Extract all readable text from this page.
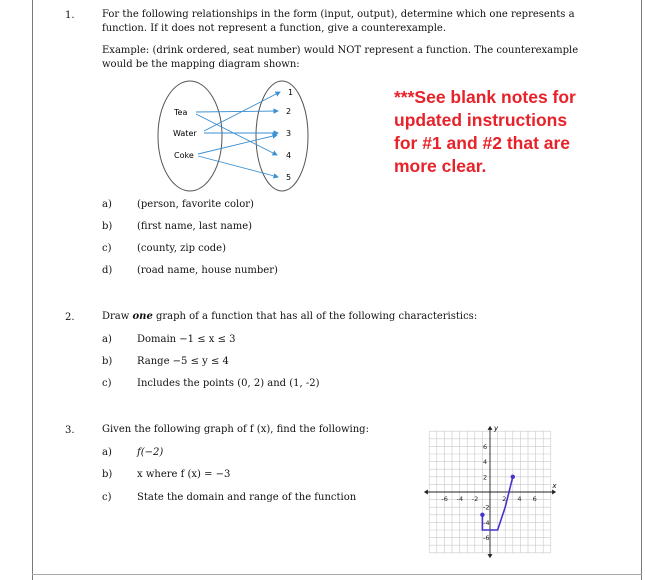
1.	For the following relationships in the form (input, output), determine which one represents a
function. If it does not represent a function, give a counterexample.
Example: (drink ordered, seat number) would NOT represent a function. The counterexample
would be the mapping diagram shown:
Tea
Water
Coke
1
2
3
4
5
***See blank notes for
updated instructions
for #1 and #2 that are
more clear.
a)	(person, favorite color)
b) (first name, last name)
c)	(county, zip code)
d) (road name, house number)
2.	Draw one graph of a function that has all of the following characteristics:
a)	Domain −1 ≤ x ≤ 3
b) Range −5 ≤ y ≤ 4
c)	Includes the points (0, 2) and (1, -2)
3.	Given the following graph of f (x), find the following:
a)	f(−2)
b) x where f (x) = −3
c)	State the domain and range of the function
x
y
-6 -4 -2	2 4 6
6
4
2
-2
-4
-6
